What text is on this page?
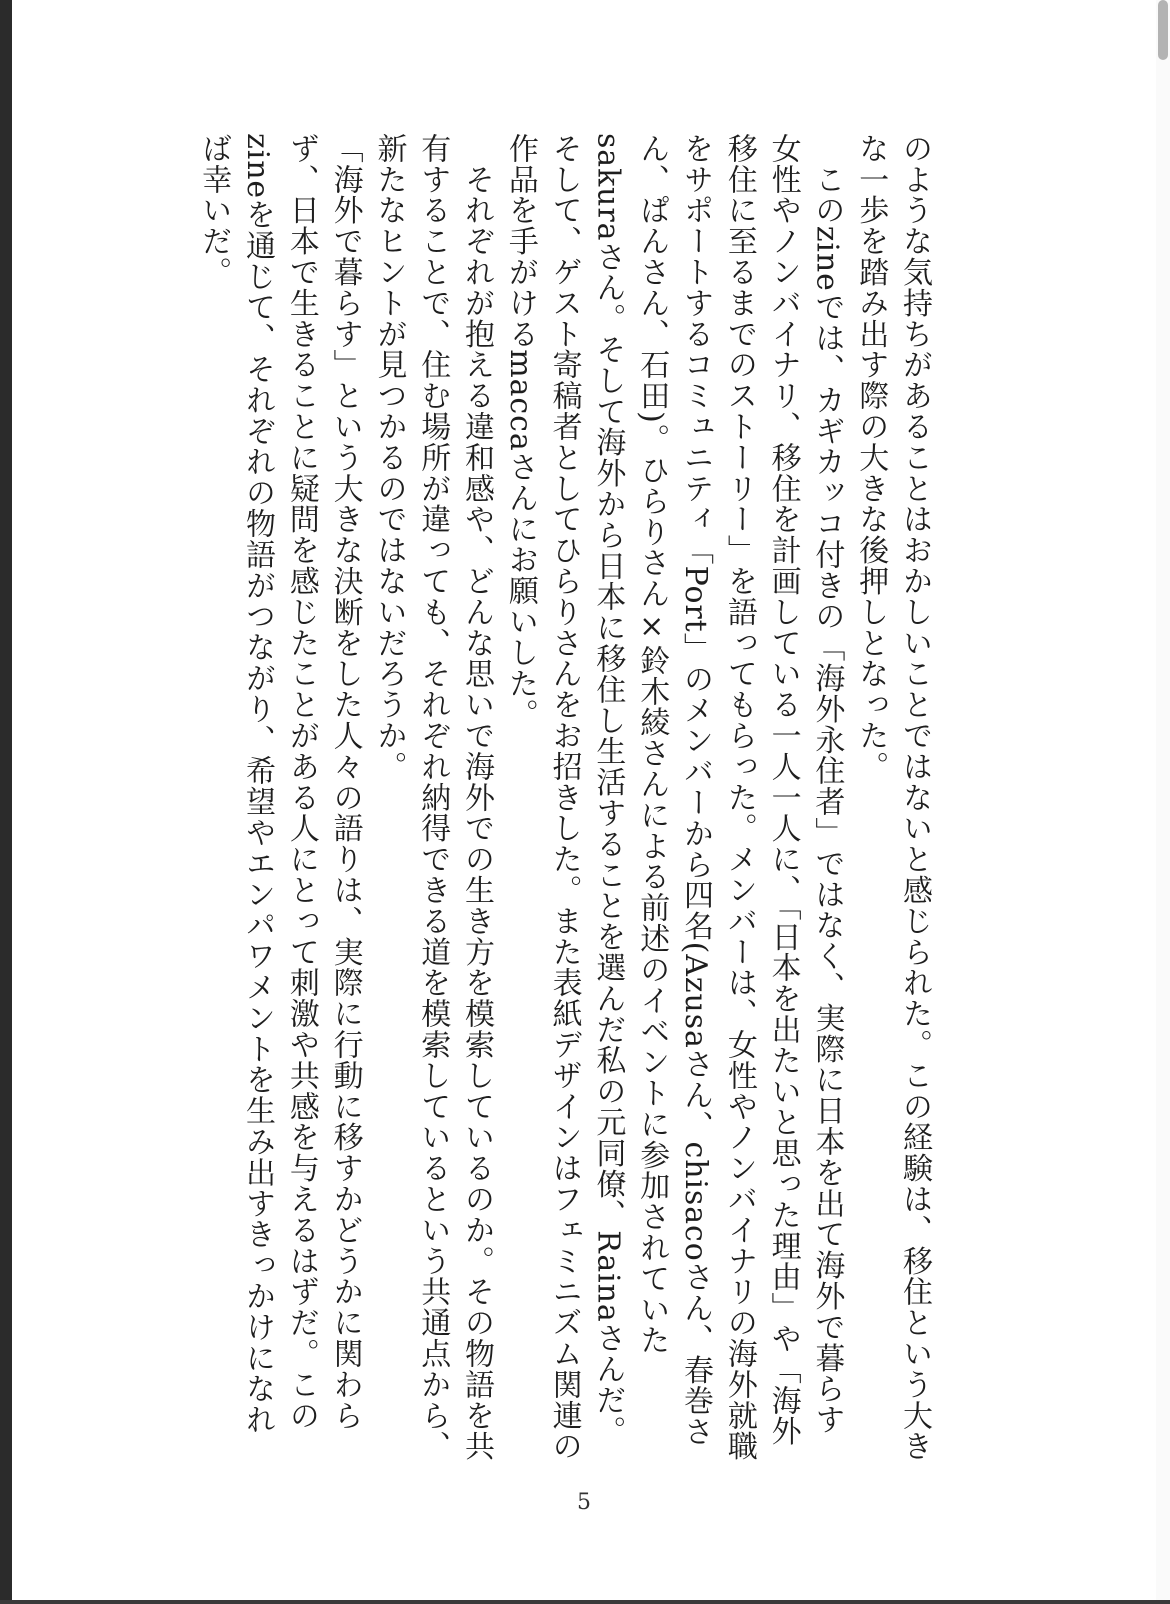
のような気持ちがあることはおかしいことではないと感じられた。この経験は、移住という大きな一歩を踏み出す際の大きな後押しとなった。

　このzineでは、カギカッコ付きの「海外永住者」ではなく、実際に日本を出て海外で暮らす女性やノンバイナリ、移住を計画している一人一人に、「日本を出たいと思った理由」や「海外移住に至るまでのストーリー」を語ってもらった。メンバーは、女性やノンバイナリの海外就職をサポートするコミュニティ「Port」のメンバーから四名(Azusaさん、chisacoさん、春巻さん、ぱんさん、石田)。ひらりさん×鈴木綾さんによる前述のイベントに参加されていたsakuraさん。そして海外から日本に移住し生活することを選んだ私の元同僚、Rainaさんだ。そして、ゲスト寄稿者としてひらりさんをお招きした。また表紙デザインはフェミニズム関連の作品を手がけるmaccaさんにお願いした。

　それぞれが抱える違和感や、どんな思いで海外での生き方を模索しているのか。その物語を共有することで、住む場所が違っても、それぞれ納得できる道を模索しているという共通点から、新たなヒントが見つかるのではないだろうか。

「海外で暮らす」という大きな決断をした人々の語りは、実際に行動に移すかどうかに関わらず、日本で生きることに疑問を感じたことがある人にとって刺激や共感を与えるはずだ。このzineを通じて、それぞれの物語がつながり、希望やエンパワメントを生み出すきっかけになれば幸いだ。

5
